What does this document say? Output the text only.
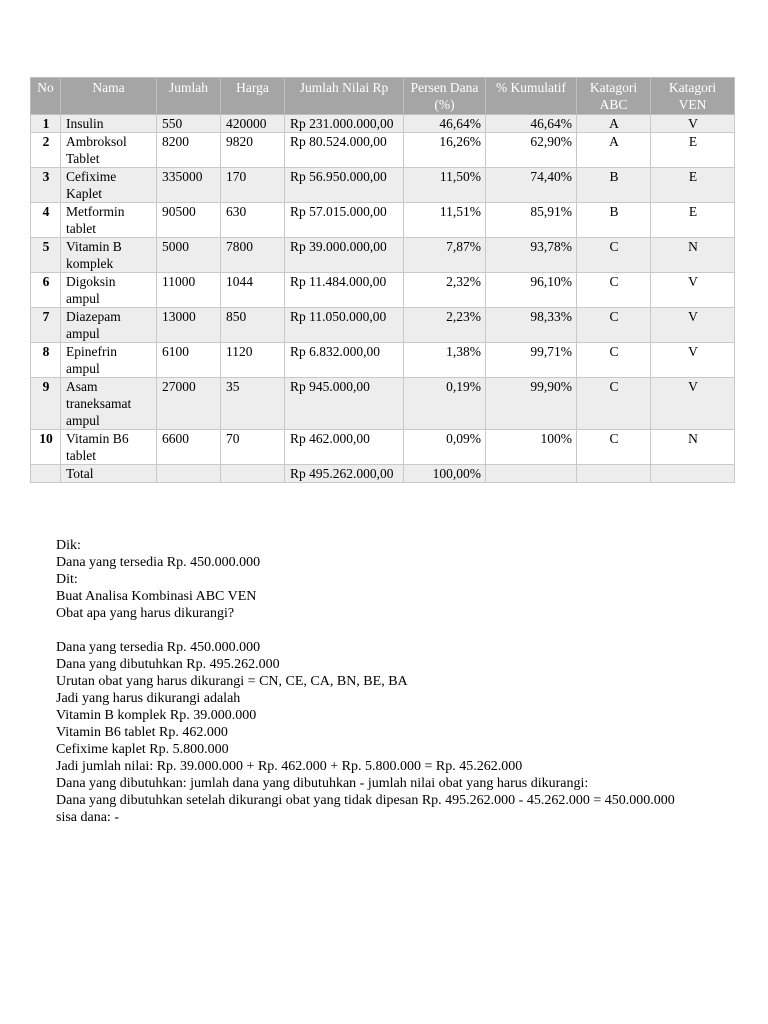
No	Nama	Jumlah	Harga	Jumlah Nilai Rp	Persen Dana (%)	% Kumulatif	Katagori ABC	Katagori VEN
1	Insulin	550	420000	Rp 231.000.000,00	46,64%	46,64%	A	V
2	Ambroksol Tablet	8200	9820	Rp 80.524.000,00	16,26%	62,90%	A	E
3	Cefixime Kaplet	335000	170	Rp 56.950.000,00	11,50%	74,40%	B	E
4	Metformin tablet	90500	630	Rp 57.015.000,00	11,51%	85,91%	B	E
5	Vitamin B komplek	5000	7800	Rp 39.000.000,00	7,87%	93,78%	C	N
6	Digoksin ampul	11000	1044	Rp 11.484.000,00	2,32%	96,10%	C	V
7	Diazepam ampul	13000	850	Rp 11.050.000,00	2,23%	98,33%	C	V
8	Epinefrin ampul	6100	1120	Rp 6.832.000,00	1,38%	99,71%	C	V
9	Asam traneksamat ampul	27000	35	Rp 945.000,00	0,19%	99,90%	C	V
10	Vitamin B6 tablet	6600	70	Rp 462.000,00	0,09%	100%	C	N
	Total			Rp 495.262.000,00	100,00%			
Dik:
Dana yang tersedia Rp. 450.000.000
Dit:
Buat Analisa Kombinasi ABC VEN
Obat apa yang harus dikurangi?
Dana yang tersedia Rp. 450.000.000
Dana yang dibutuhkan Rp. 495.262.000
Urutan obat yang harus dikurangi = CN, CE, CA, BN, BE, BA
Jadi yang harus dikurangi adalah
Vitamin B komplek Rp. 39.000.000
Vitamin B6 tablet Rp. 462.000
Cefixime kaplet Rp. 5.800.000
Jadi jumlah nilai: Rp. 39.000.000 + Rp. 462.000 + Rp. 5.800.000 = Rp. 45.262.000
Dana yang dibutuhkan: jumlah dana yang dibutuhkan - jumlah nilai obat yang harus dikurangi:
Dana yang dibutuhkan setelah dikurangi obat yang tidak dipesan Rp. 495.262.000 - 45.262.000 = 450.000.000
sisa dana: -
